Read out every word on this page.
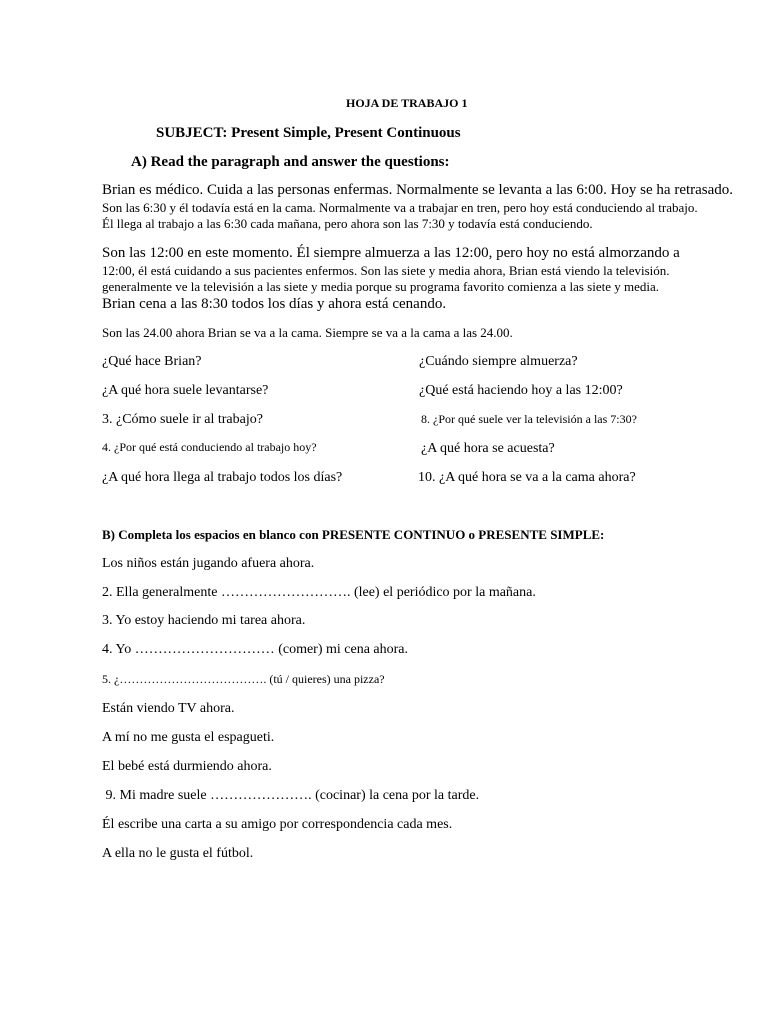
HOJA DE TRABAJO 1
SUBJECT: Present Simple, Present Continuous
A) Read the paragraph and answer the questions:
Brian es médico. Cuida a las personas enfermas. Normalmente se levanta a las 6:00. Hoy se ha retrasado.
Son las 6:30 y él todavía está en la cama. Normalmente va a trabajar en tren, pero hoy está conduciendo al trabajo.
Él llega al trabajo a las 6:30 cada mañana, pero ahora son las 7:30 y todavía está conduciendo.
Son las 12:00 en este momento. Él siempre almuerza a las 12:00, pero hoy no está almorzando a
12:00, él está cuidando a sus pacientes enfermos. Son las siete y media ahora, Brian está viendo la televisión.
generalmente ve la televisión a las siete y media porque su programa favorito comienza a las siete y media.
Brian cena a las 8:30 todos los días y ahora está cenando.
Son las 24.00 ahora Brian se va a la cama. Siempre se va a la cama a las 24.00.
¿Qué hace Brian?
¿A qué hora suele levantarse?
3. ¿Cómo suele ir al trabajo?
4. ¿Por qué está conduciendo al trabajo hoy?
¿A qué hora llega al trabajo todos los días?
¿Cuándo siempre almuerza?
¿Qué está haciendo hoy a las 12:00?
8. ¿Por qué suele ver la televisión a las 7:30?
¿A qué hora se acuesta?
10. ¿A qué hora se va a la cama ahora?
B) Completa los espacios en blanco con PRESENTE CONTINUO o PRESENTE SIMPLE:
Los niños están jugando afuera ahora.
2. Ella generalmente ………………………. (lee) el periódico por la mañana.
3. Yo estoy haciendo mi tarea ahora.
4. Yo ………………………… (comer) mi cena ahora.
5. ¿………………………………. (tú / quieres) una pizza?
Están viendo TV ahora.
A mí no me gusta el espagueti.
El bebé está durmiendo ahora.
9. Mi madre suele …………………. (cocinar) la cena por la tarde.
Él escribe una carta a su amigo por correspondencia cada mes.
A ella no le gusta el fútbol.
